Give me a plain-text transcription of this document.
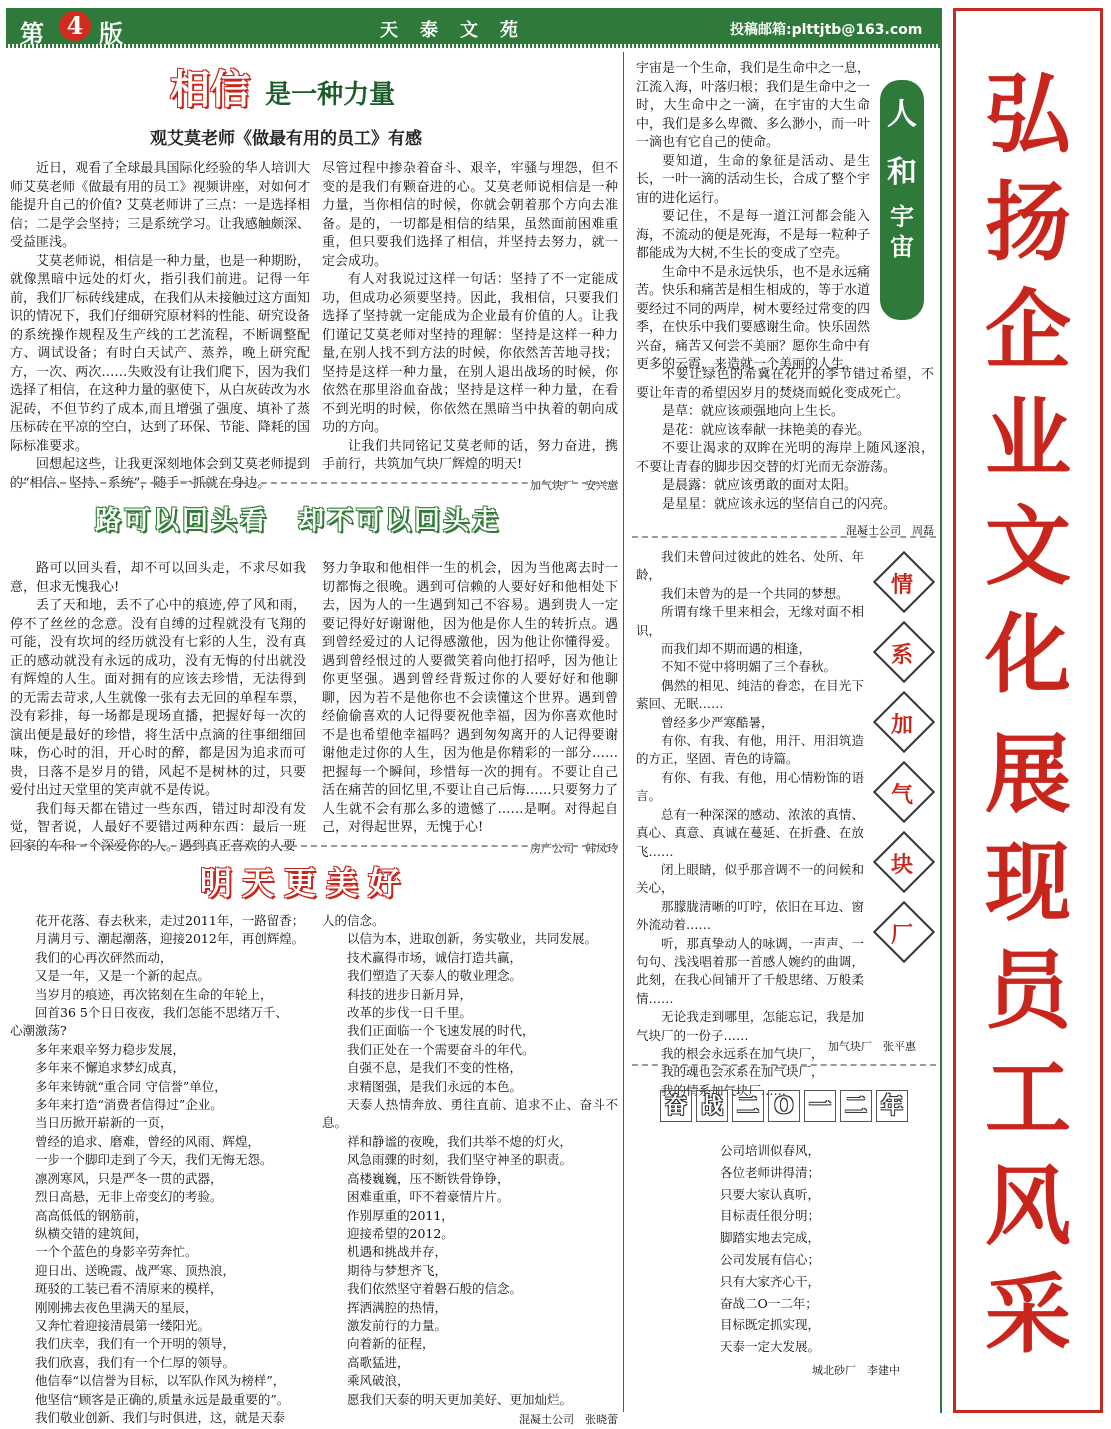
第 4 版	天泰文苑	投稿邮箱:plttjtb@163.com
弘
扬
企
业
文
化
展
现
员
工
风
采
相信 是一种力量
观艾莫老师《做最有用的员工》有感

近日，观看了全球最具国际化经验的华人培训大师艾莫老师《做最有用的员工》视频讲座，对如何才能提升自己的价值? 艾莫老师讲了三点：一是选择相信；二是学会坚持；三是系统学习。让我感触颇深、受益匪浅。

艾莫老师说，相信是一种力量，也是一种期盼，就像黑暗中远处的灯火，指引我们前进。记得一年前，我们厂标砖线建成，在我们从未接触过这方面知识的情况下，我们仔细研究原材料的性能、研究设备的系统操作规程及生产线的工艺流程，不断调整配方、调试设备；有时白天试产、蒸养，晚上研究配方，一次、两次……失败没有让我们爬下，因为我们选择了相信，在这种力量的驱使下，从白灰砖改为水泥砖，不但节约了成本,而且增强了强度、填补了蒸压标砖在平凉的空白，达到了环保、节能、降耗的国际标准要求。

回想起这些，让我更深刻地体会到艾莫老师提到的“相信、坚持、系统”，随手一抓就在身边。

尽管过程中掺杂着奋斗、艰辛，牢骚与埋怨，但不变的是我们有颗奋进的心。艾莫老师说相信是一种力量，当你相信的时候，你就会朝着那个方向去准备。是的，一切都是相信的结果，虽然面前困难重重，但只要我们选择了相信，并坚持去努力，就一定会成功。

有人对我说过这样一句话：坚持了不一定能成功，但成功必须要坚持。因此，我相信，只要我们选择了坚持就一定能成为企业最有价值的人。让我们谨记艾莫老师对坚持的理解：坚持是这样一种力量,在别人找不到方法的时候，你依然苦苦地寻找；坚持是这样一种力量，在别人退出战场的时候，你依然在那里浴血奋战；坚持是这样一种力量，在看不到光明的时候，你依然在黑暗当中执着的朝向成功的方向。

让我们共同铭记艾莫老师的话，努力奋进，携手前行，共筑加气块厂辉煌的明天!

加气块厂　安兴惠
路可以回头看　却不可以回头走

路可以回头看，却不可以回头走，不求尽如我意，但求无愧我心!

丢了天和地，丢不了心中的痕迹,停了风和雨，停不了丝丝的念意。没有自缚的过程就没有飞翔的可能，没有坎坷的经历就没有七彩的人生，没有真正的感动就没有永远的成功，没有无悔的付出就没有辉煌的人生。面对拥有的应该去珍惜，无法得到的无需去苛求,人生就像一张有去无回的单程车票，没有彩排，每一场都是现场直播，把握好每一次的演出便是最好的珍惜，将生活中点滴的往事细细回味，伤心时的泪，开心时的醉，都是因为追求而可贵，日落不是岁月的错，风起不是树林的过，只要爱付出过天堂里的笑声就不是传说。

我们每天都在错过一些东西，错过时却没有发觉，智者说，人最好不要错过两种东西：最后一班回家的车和一个深爱你的人。遇到真正喜欢的人要

努力争取和他相伴一生的机会，因为当他离去时一切都悔之很晚。遇到可信赖的人要好好和他相处下去，因为人的一生遇到知己不容易。遇到贵人一定要记得好好谢谢他，因为他是你人生的转折点。遇到曾经爱过的人记得感激他，因为他让你懂得爱。遇到曾经恨过的人要微笑着向他打招呼，因为他让你更坚强。遇到曾经背叛过你的人要好好和他聊聊，因为若不是他你也不会读懂这个世界。遇到曾经偷偷喜欢的人记得要祝他幸福，因为你喜欢他时不是也希望他幸福吗？遇到匆匆离开的人记得要谢谢他走过你的人生，因为他是你精彩的一部分……把握每一个瞬间，珍惜每一次的拥有。不要让自己活在痛苦的回忆里,不要让自己后悔……只要努力了人生就不会有那么多的遗憾了……是啊。对得起自己，对得起世界，无愧于心!

房产公司　韩凤玲
明天更美好
花开花落、春去秋来，走过2011年，一路留香；
月满月亏、潮起潮落，迎接2012年，再创辉煌。
我们的心再次砰然而动，
又是一年，又是一个新的起点。
当岁月的痕迹，再次铭刻在生命的年轮上，
回首36 5个日日夜夜，我们怎能不思绪万千、
心潮激荡?
多年来艰辛努力稳步发展，
多年来不懈追求梦幻成真，
多年来铸就“重合同 守信誉”单位，
多年来打造“消费者信得过”企业。
当日历掀开崭新的一页，
曾经的追求、磨难，曾经的风雨、辉煌，
一步一个脚印走到了今天，我们无悔无怨。
凛冽寒风，只是严冬一贯的武器，
烈日高悬，无非上帝变幻的考验。
高高低低的钢筋前，
纵横交错的建筑间，
一个个蓝色的身影辛劳奔忙。
迎日出、送晚霞、战严寒、顶热浪，
斑驳的工装已看不清原来的模样，
刚刚拂去夜色里满天的星辰，
又奔忙着迎接清晨第一缕阳光。
我们庆幸，我们有一个开明的领导，
我们欣喜，我们有一个仁厚的领导。
他信奉“以信誉为目标，以军队作风为榜样”，
他坚信“顾客是正确的,质量永远是最重要的”。
我们敬业创新、我们与时俱进，这，就是天泰
人的信念。
以信为本，进取创新，务实敬业，共同发展。
技术赢得市场，诚信打造共赢，
我们塑造了天泰人的敬业理念。
科技的进步日新月异，
改革的步伐一日千里。
我们正面临一个飞速发展的时代，
我们正处在一个需要奋斗的年代。
自强不息，是我们不变的性格，
求精图强，是我们永远的本色。
天泰人热情奔放、勇往直前、追求不止、奋斗不息。
祥和静谧的夜晚，我们共举不熄的灯火，
风急雨骤的时刻，我们坚守神圣的职责。
高楼巍巍，压不断铁骨铮铮，
困难重重，吓不着豪情片片。
作别厚重的2011，
迎接希望的2012。
机遇和挑战并存，
期待与梦想齐飞，
我们依然坚守着磐石般的信念。
挥洒满腔的热情，
激发前行的力量。
向着新的征程，
高歌猛进，
乘风破浪，
愿我们天泰的明天更加美好、更加灿烂。
混凝土公司　张晓蕾
人
和
宇宙

宇宙是一个生命，我们是生命中之一息，江流入海，叶落归根；我们是生命中之一时，大生命中之一滴，在宇宙的大生命中，我们是多么卑微、多么渺小，而一叶一滴也有它自己的使命。

要知道，生命的象征是活动、是生长，一叶一滴的活动生长，合成了整个宇宙的进化运行。

要记住，不是每一道江河都会能入海，不流动的便是死海，不是每一粒种子都能成为大树,不生长的变成了空壳。

生命中不是永远快乐，也不是永远痛苦。快乐和痛苦是相生相成的，等于水道要经过不同的两岸，树木要经过常变的四季，在快乐中我们要感谢生命。快乐固然兴奋，痛苦又何尝不美丽？愿你生命中有更多的云霞，来造就一个美丽的人生。

不要让绿色的希冀在花开的季节错过希望，不要让年青的希望因岁月的焚烧而蜕化变成死亡。

是草：就应该顽强地向上生长。

是花：就应该奉献一抹艳美的春光。

不要让渴求的双眸在光明的海岸上随风逐浪，不要让青春的脚步因交替的灯光而无奈游荡。

是晨露：就应该勇敢的面对太阳。

是星星：就应该永远的坚信自己的闪亮。

混凝土公司　周磊
我们未曾问过彼此的姓名、处所、年龄，
我们未曾为的是一个共同的梦想。
所谓有缘千里来相会，无缘对面不相识，
而我们却不期而遇的相逢，
不知不觉中将明媚了三个春秋。
偶然的相见、纯洁的眷恋，在目光下萦回、无眠……
曾经多少严寒酷暑，
有你、有我、有他，用汗、用泪筑造的方正，坚固、青色的诗篇。
有你、有我、有他，用心情粉饰的语言。
总有一种深深的感动、浓浓的真情、真心、真意、真诚在蔓延、在折叠、在放飞……
闭上眼睛，似乎那音调不一的问候和关心，
那朦胧清晰的叮咛，依旧在耳边、窗外流动着……
听，那真挚动人的咏调，一声声、一句句、浅浅唱着那一首感人婉约的曲调，此刻，在我心间铺开了千般思绪、万般柔情……
无论我走到哪里，怎能忘记，我是加气块厂的一份子……
我的根会永远系在加气块厂，
我的魂也会永系在加气块厂，
我的情系加气块厂……
情
系
加
气
块
厂
加气块厂　张平惠
奋 战 二 O 一 二 年
公司培训似春风，
各位老师讲得清；
只要大家认真听，
目标责任很分明；
脚踏实地去完成，
公司发展有信心；
只有大家齐心干，
奋战二O一二年；
目标既定抓实现，
天泰一定大发展。
城北砂厂　李建中
